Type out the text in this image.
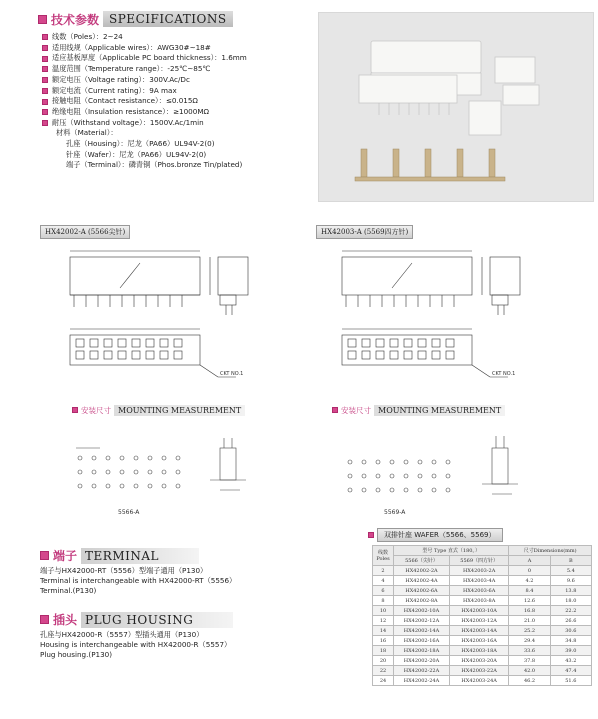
技术参数 SPECIFICATIONS
线数（Poles）：2~24
适用线规（Applicable wires）：AWG30#~18#
适应基板厚度（Applicable PC board thickness）：1.6mm
温度范围（Temperature range）：-25℃~85℃
额定电压（Voltage rating）：300V.Ac/Dc
额定电流（Current rating）：9A max
接触电阻（Contact resistance）：≤0.015Ω
绝缘电阻（Insulation resistance）：≥1000MΩ
耐压（Withstand voltage）：1500V.Ac/1min
材料（Material）：
孔座（Housing）：尼龙（PA66）UL94V-2(0)
针座（Wafer）：尼龙（PA66）UL94V-2(0)
端子（Terminal）：磷青铜（Phos.bronze Tin/plated)
HX42002-A (5566尖针)	HX42003-A (5569四方针)
CKT NO.1	CKT NO.1
安装尺寸 MOUNTING MEASUREMENT	安装尺寸 MOUNTING MEASUREMENT
5566-A	5569-A
端子 TERMINAL
端子与HX42000-RT（5556）型端子通用（P130）
Terminal is interchangeable with HX42000-RT（5556）
Terminal.(P130)
插头 PLUG HOUSING
孔座与HX42000-R（5557）型插头通用（P130）
Housing is interchangeable with HX42000-R（5557）
Plug housing.(P130)
双排针座 WAFER（5566、5569）
线数 Poles	型号 Type 直式（180。）		尺寸Dimensions(mm)	
	5566（尖针）	5569（四方针）	A	B
2	HX42002-2A	HX42003-2A	0	5.4
4	HX42002-4A	HX42003-4A	4.2	9.6
6	HX42002-6A	HX42003-6A	8.4	13.8
8	HX42002-8A	HX42003-8A	12.6	18.0
10	HX42002-10A	HX42003-10A	16.8	22.2
12	HX42002-12A	HX42003-12A	21.0	26.6
14	HX42002-14A	HX42003-14A	25.2	30.6
16	HX42002-16A	HX42003-16A	29.4	34.8
18	HX42002-18A	HX42003-18A	33.6	39.0
20	HX42002-20A	HX42003-20A	37.8	43.2
22	HX42002-22A	HX42003-22A	42.0	47.4
24	HX42002-24A	HX42003-24A	46.2	51.6
